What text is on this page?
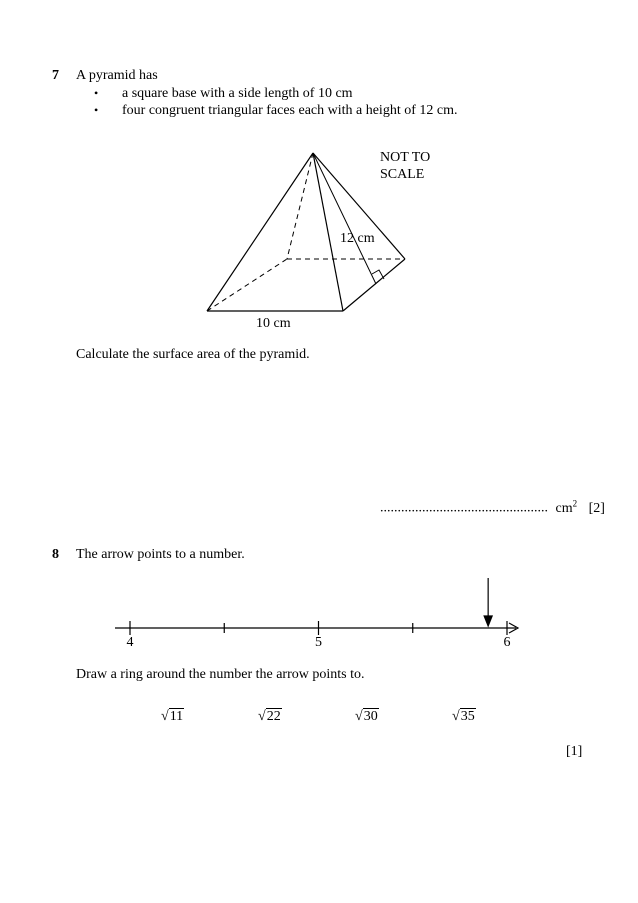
7 A pyramid has
• a square base with a side length of 10 cm
• four congruent triangular faces each with a height of 12 cm.
NOT TO
SCALE
12 cm
10 cm
Calculate the surface area of the pyramid.
................................................ $cm^2$ [2]
8 The arrow points to a number.
4	5	6
Draw a ring around the number the arrow points to.
√11	√22	√30	√35
[1]
